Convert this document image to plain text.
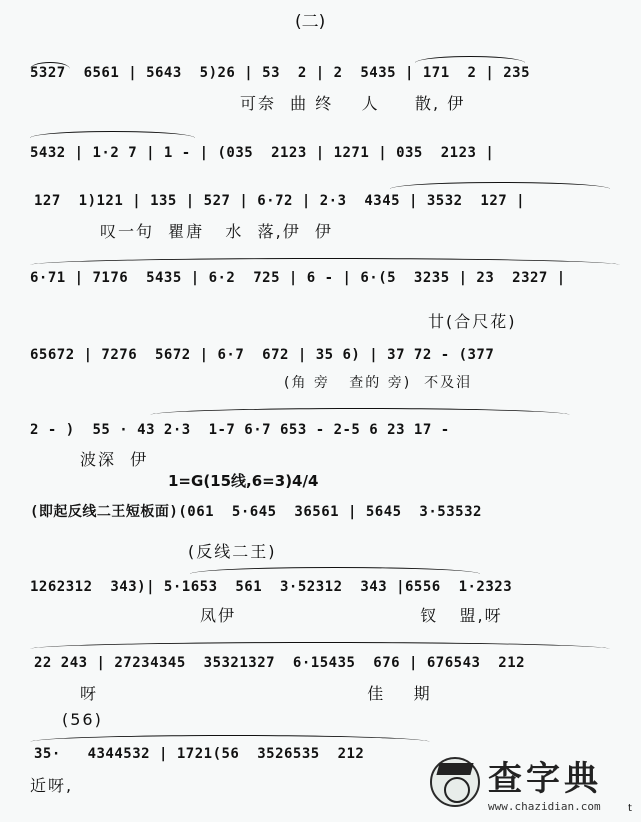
(二)
5327  6561 | 5643  5)26 | 53  2 | 2  5435 | 171  2 | 235
可奈  曲 终    人     散, 伊
5432 | 1·2 7 | 1 - | (035  2123 | 1271 | 035  2123 |
127  1)121 | 135 | 527 | 6·72 | 2·3  4345 | 3532  127 |
叹一句  瞿唐   水  落,伊  伊
6·71 | 7176  5435 | 6·2  725 | 6 - | 6·(5  3235 | 23  2327 |
廿(合尺花)
65672 | 7276  5672 | 6·7  672 | 35 6) | 37 72 - (377
(角 旁   查的 旁)  不及泪
2 - )  55 · 43 2·3  1-7 6·7 653 - 2-5 6 23 17 -
波深  伊
1=G(15线,6=3)4/4
(即起反线二王短板面)(061  5·645  36561 | 5645  3·53532
(反线二王)
1262312  343)| 5·1653  561  3·52312  343 |6556  1·2323
凤伊                          钗   盟,呀
22 243 | 27234345  35321327  6·15435  676 | 676543  212
呀                                      佳    期
(56)
35·   4344532 | 1721(56  3526535  212
近呀,	查字典
www.chazidian.com	t
